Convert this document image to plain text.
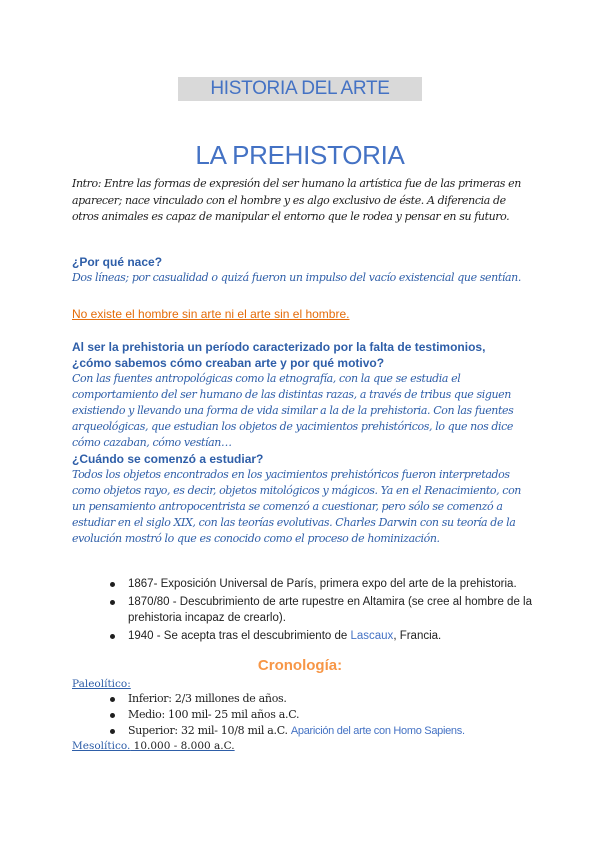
HISTORIA DEL ARTE
LA PREHISTORIA
Intro: Entre las formas de expresión del ser humano la artística fue de las primeras en aparecer; nace vinculado con el hombre y es algo exclusivo de éste. A diferencia de otros animales es capaz de manipular el entorno que le rodea y pensar en su futuro.

¿Por qué nace?

Dos líneas; por casualidad o quizá fueron un impulso del vacío existencial que sentían.

No existe el hombre sin arte ni el arte sin el hombre.

Al ser la prehistoria un período caracterizado por la falta de testimonios,

¿cómo sabemos cómo creaban arte y por qué motivo?

Con las fuentes antropológicas como la etnografía, con la que se estudia el comportamiento del ser humano de las distintas razas, a través de tribus que siguen existiendo y llevando una forma de vida similar a la de la prehistoria. Con las fuentes arqueológicas, que estudian los objetos de yacimientos prehistóricos, lo que nos dice cómo cazaban, cómo vestían…

¿Cuándo se comenzó a estudiar?

Todos los objetos encontrados en los yacimientos prehistóricos fueron interpretados como objetos rayo, es decir, objetos mitológicos y mágicos. Ya en el Renacimiento, con un pensamiento antropocentrista se comenzó a cuestionar, pero sólo se comenzó a estudiar en el siglo XIX, con las teorías evolutivas. Charles Darwin con su teoría de la evolución mostró lo que es conocido como el proceso de hominización.

1867- Exposición Universal de París, primera expo del arte de la prehistoria.
1870/80 - Descubrimiento de arte rupestre en Altamira (se cree al hombre de la prehistoria incapaz de crearlo).
1940 - Se acepta tras el descubrimiento de Lascaux, Francia.
Cronología:
Paleolítico:
Inferior: 2/3 millones de años.
Medio: 100 mil- 25 mil años a.C.
Superior: 32 mil- 10/8 mil a.C. Aparición del arte con Homo Sapiens.
Mesolítico. 10.000 - 8.000 a.C.
